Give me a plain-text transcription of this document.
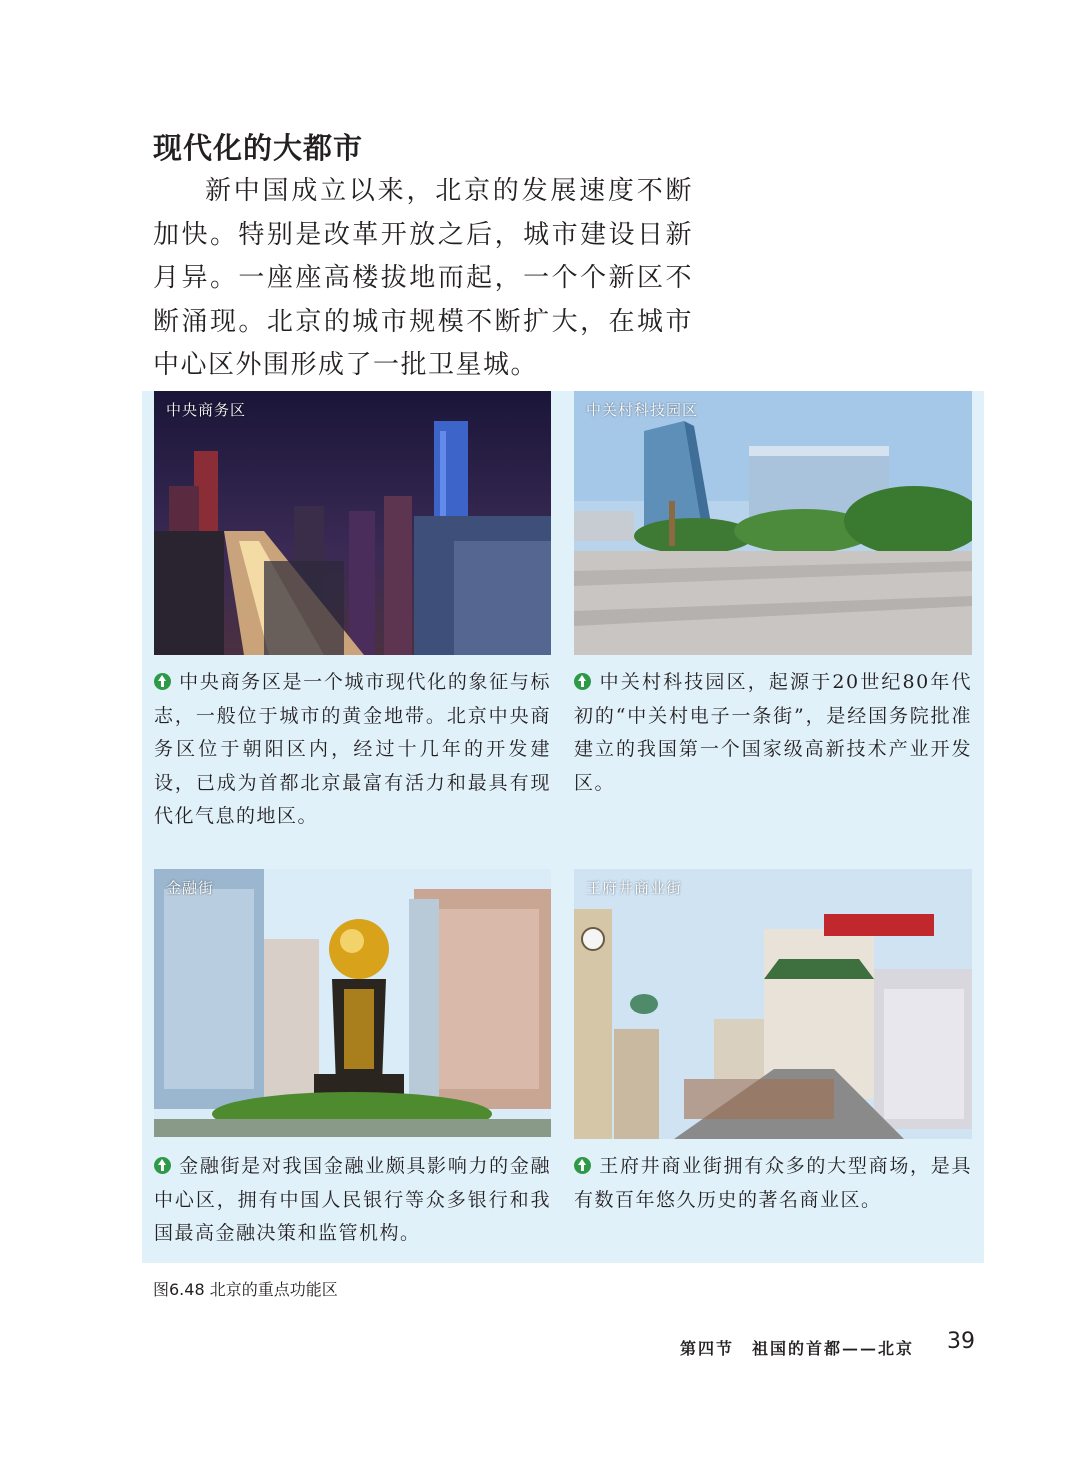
现代化的大都市

新中国成立以来，北京的发展速度不断加快。特别是改革开放之后，城市建设日新月异。一座座高楼拔地而起，一个个新区不断涌现。北京的城市规模不断扩大，在城市中心区外围形成了一批卫星城。

中央商务区	中关村科技园区

中央商务区是一个城市现代化的象征与标志，一般位于城市的黄金地带。北京中央商务区位于朝阳区内，经过十几年的开发建设，已成为首都北京最富有活力和最具有现代化气息的地区。

中关村科技园区，起源于20世纪80年代初的“中关村电子一条街”，是经国务院批准建立的我国第一个国家级高新技术产业开发区。

金融街	王府井商业街

金融街是对我国金融业颇具影响力的金融中心区，拥有中国人民银行等众多银行和我国最高金融决策和监管机构。

王府井商业街拥有众多的大型商场，是具有数百年悠久历史的著名商业区。

图6.48 北京的重点功能区

第四节　祖国的首都——北京 39
